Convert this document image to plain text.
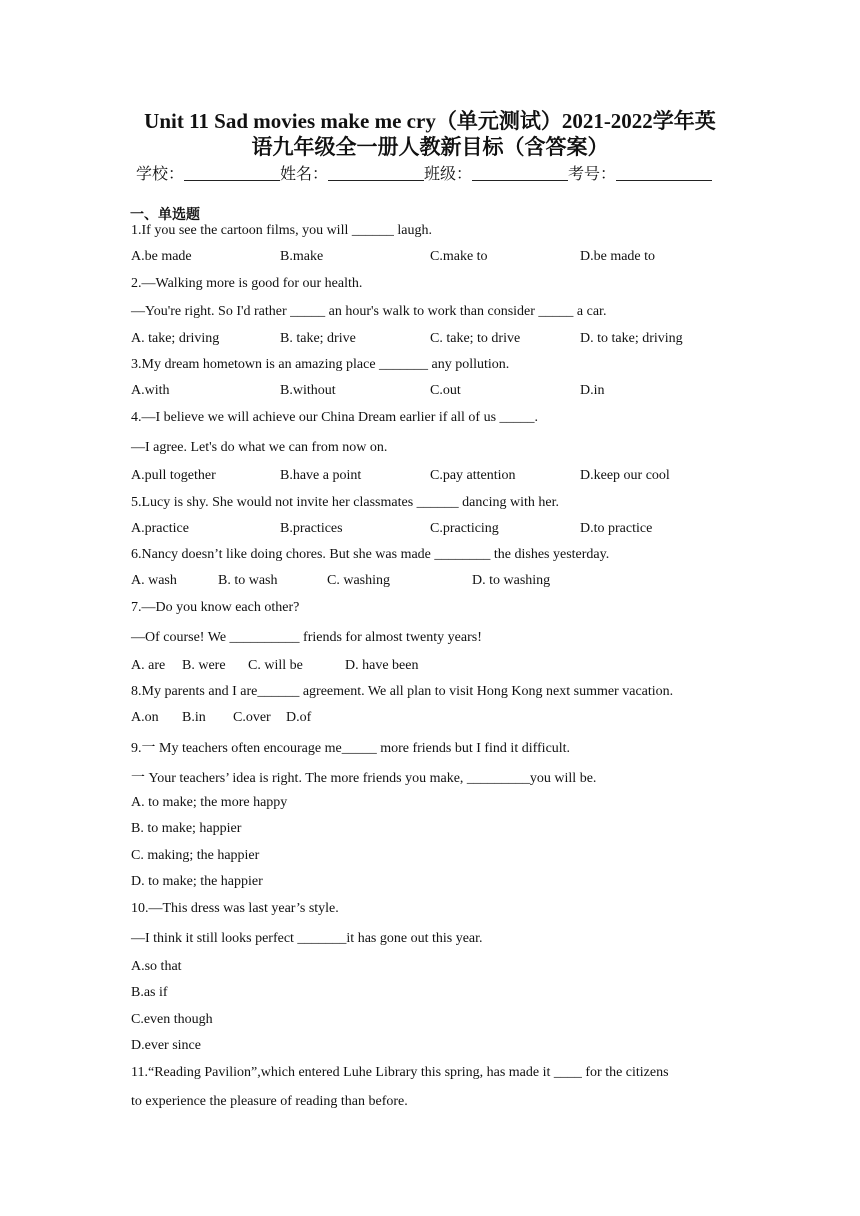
Unit 11 Sad movies make me cry（单元测试）2021-2022学年英
语九年级全一册人教新目标（含答案）
学校：	姓名：	班级：	考号：
一、单选题
1.If you see the cartoon films, you will ______ laugh.
A.be made	B.make	C.make to	D.be made to
2.—Walking more is good for our health.
—You're right. So I'd rather _____ an hour's walk to work than consider _____ a car.
A. take; driving	B. take; drive	C. take; to drive	D. to take; driving
3.My dream hometown is an amazing place _______ any pollution.
A.with	B.without	C.out	D.in
4.—I believe we will achieve our China Dream earlier if all of us _____.
—I agree. Let's do what we can from now on.
A.pull together	B.have a point	C.pay attention	D.keep our cool
5.Lucy is shy. She would not invite her classmates ______ dancing with her.
A.practice	B.practices	C.practicing	D.to practice
6.Nancy doesn’t like doing chores. But she was made ________ the dishes yesterday.
A. wash	B. to wash	C. washing	D. to washing
7.—Do you know each other?
—Of course! We __________ friends for almost twenty years!
A. are B. were C. will be	D. have been
8.My parents and I are______ agreement. We all plan to visit Hong Kong next summer vacation.
A.on B.in C.over D.of
9.一 My teachers often encourage me_____ more friends but I find it difficult.
一 Your teachers’ idea is right. The more friends you make, _________you will be.
A. to make; the more happy
B. to make; happier
C. making; the happier
D. to make; the happier
10.—This dress was last year’s style.
—I think it still looks perfect _______it has gone out this year.
A.so that
B.as if
C.even though
D.ever since
11.“Reading Pavilion”,which entered Luhe Library this spring, has made it ____ for the citizens
to experience the pleasure of reading than before.
